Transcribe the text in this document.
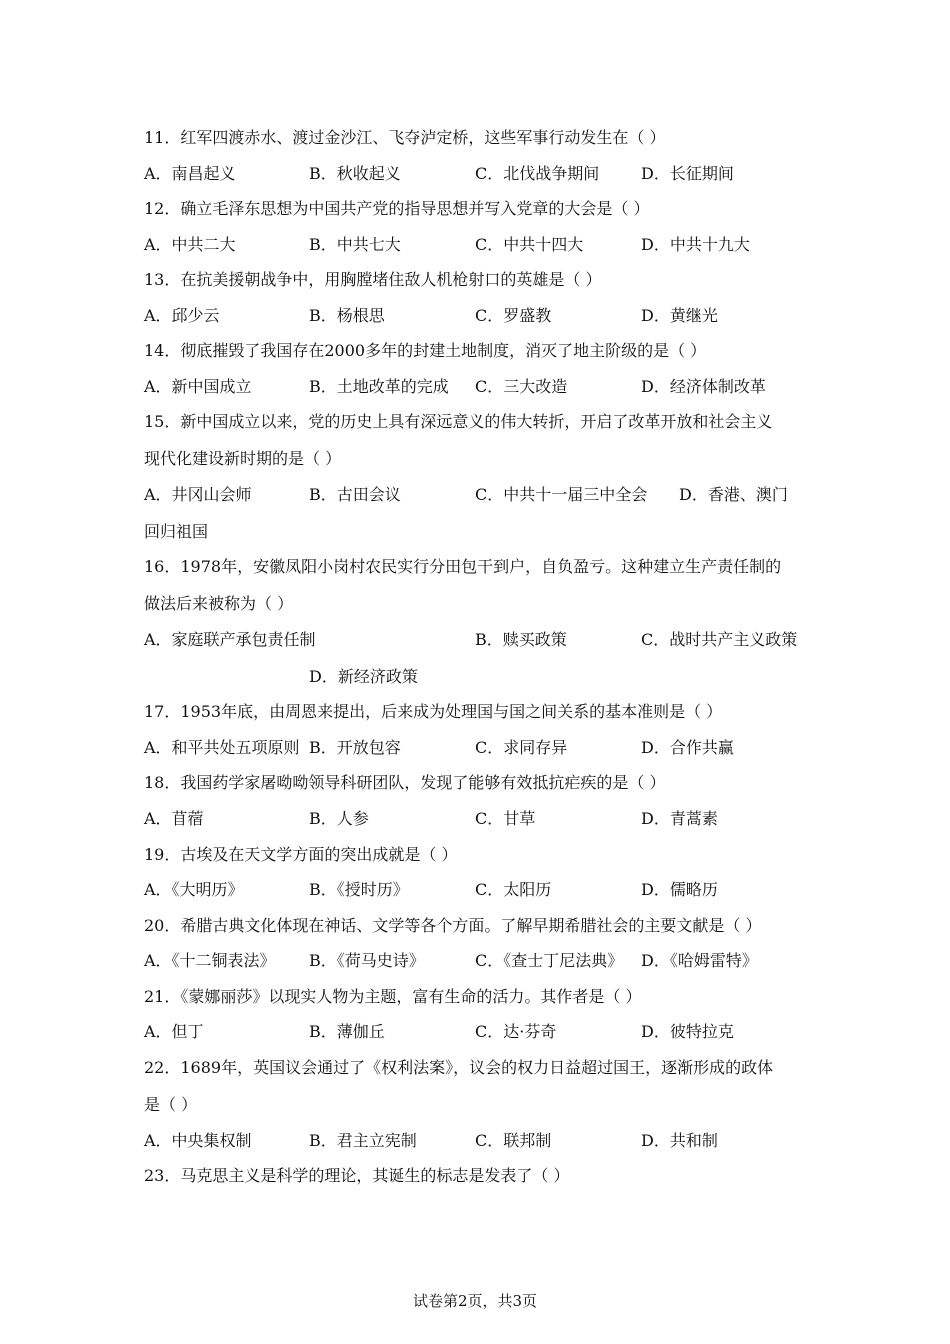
11．红军四渡赤水、渡过金沙江、飞夺泸定桥，这些军事行动发生在（ ）
A．南昌起义	B．秋收起义	C．北伐战争期间	D．长征期间
12．确立毛泽东思想为中国共产党的指导思想并写入党章的大会是（ ）
A．中共二大	B．中共七大	C．中共十四大	D．中共十九大
13．在抗美援朝战争中，用胸膛堵住敌人机枪射口的英雄是（ ）
A．邱少云	B．杨根思	C．罗盛教	D．黄继光
14．彻底摧毁了我国存在2000多年的封建土地制度，消灭了地主阶级的是（ ）
A．新中国成立	B．土地改革的完成 C．三大改造	D．经济体制改革
15．新中国成立以来，党的历史上具有深远意义的伟大转折，开启了改革开放和社会主义
现代化建设新时期的是（ ）
A．井冈山会师	B．古田会议	C．中共十一届三中全会 D．香港、澳门
回归祖国
16．1978年，安徽凤阳小岗村农民实行分田包干到户，自负盈亏。这种建立生产责任制的
做法后来被称为（ ）
A．家庭联产承包责任制	B．赎买政策	C．战时共产主义政策
D．新经济政策
17．1953年底，由周恩来提出，后来成为处理国与国之间关系的基本准则是（ ）
A．和平共处五项原则 B．开放包容	C．求同存异	D．合作共赢
18．我国药学家屠呦呦领导科研团队，发现了能够有效抵抗疟疾的是（ ）
A．苜蓿	B．人参	C．甘草	D．青蒿素
19．古埃及在天文学方面的突出成就是（ ）
A．《大明历》	B．《授时历》	C．太阳历	D．儒略历
20．希腊古典文化体现在神话、文学等各个方面。了解早期希腊社会的主要文献是（ ）
A．《十二铜表法》 B．《荷马史诗》	C．《查士丁尼法典》 D．《哈姆雷特》
21．《蒙娜丽莎》以现实人物为主题，富有生命的活力。其作者是（ ）
A．但丁	B．薄伽丘	C．达·芬奇	D．彼特拉克
22．1689年，英国议会通过了《权利法案》，议会的权力日益超过国王，逐渐形成的政体
是（ ）
A．中央集权制	B．君主立宪制	C．联邦制	D．共和制
23．马克思主义是科学的理论，其诞生的标志是发表了（ ）
试卷第2页，共3页
